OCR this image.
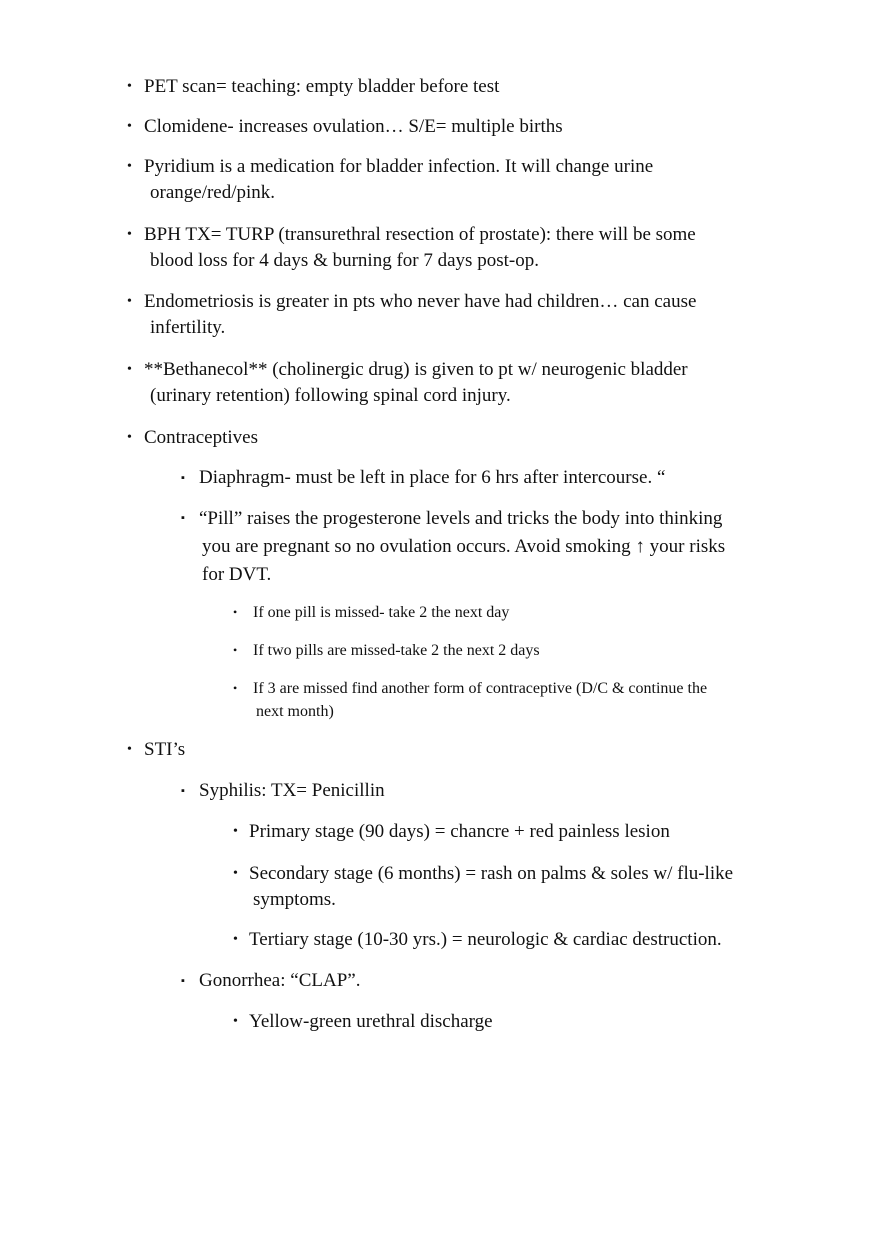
• PET scan= teaching: empty bladder before test
• Clomidene- increases ovulation… S/E= multiple births
• Pyridium is a medication for bladder infection. It will change urine
orange/red/pink.
• BPH TX= TURP (transurethral resection of prostate): there will be some
blood loss for 4 days & burning for 7 days post-op.
• Endometriosis is greater in pts who never have had children… can cause
infertility.
• **Bethanecol** (cholinergic drug) is given to pt w/ neurogenic bladder
(urinary retention) following spinal cord injury.
• Contraceptives
▪ Diaphragm- must be left in place for 6 hrs after intercourse. “
▪ “Pill” raises the progesterone levels and tricks the body into thinking
you are pregnant so no ovulation occurs. Avoid smoking ↑ your risks
for DVT.
• If one pill is missed- take 2 the next day
• If two pills are missed-take 2 the next 2 days
• If 3 are missed find another form of contraceptive (D/C & continue the
next month)
• STI’s
▪ Syphilis: TX= Penicillin
• Primary stage (90 days) = chancre + red painless lesion
• Secondary stage (6 months) = rash on palms & soles w/ flu-like
symptoms.
• Tertiary stage (10-30 yrs.) = neurologic & cardiac destruction.
▪ Gonorrhea: “CLAP”.
• Yellow-green urethral discharge
